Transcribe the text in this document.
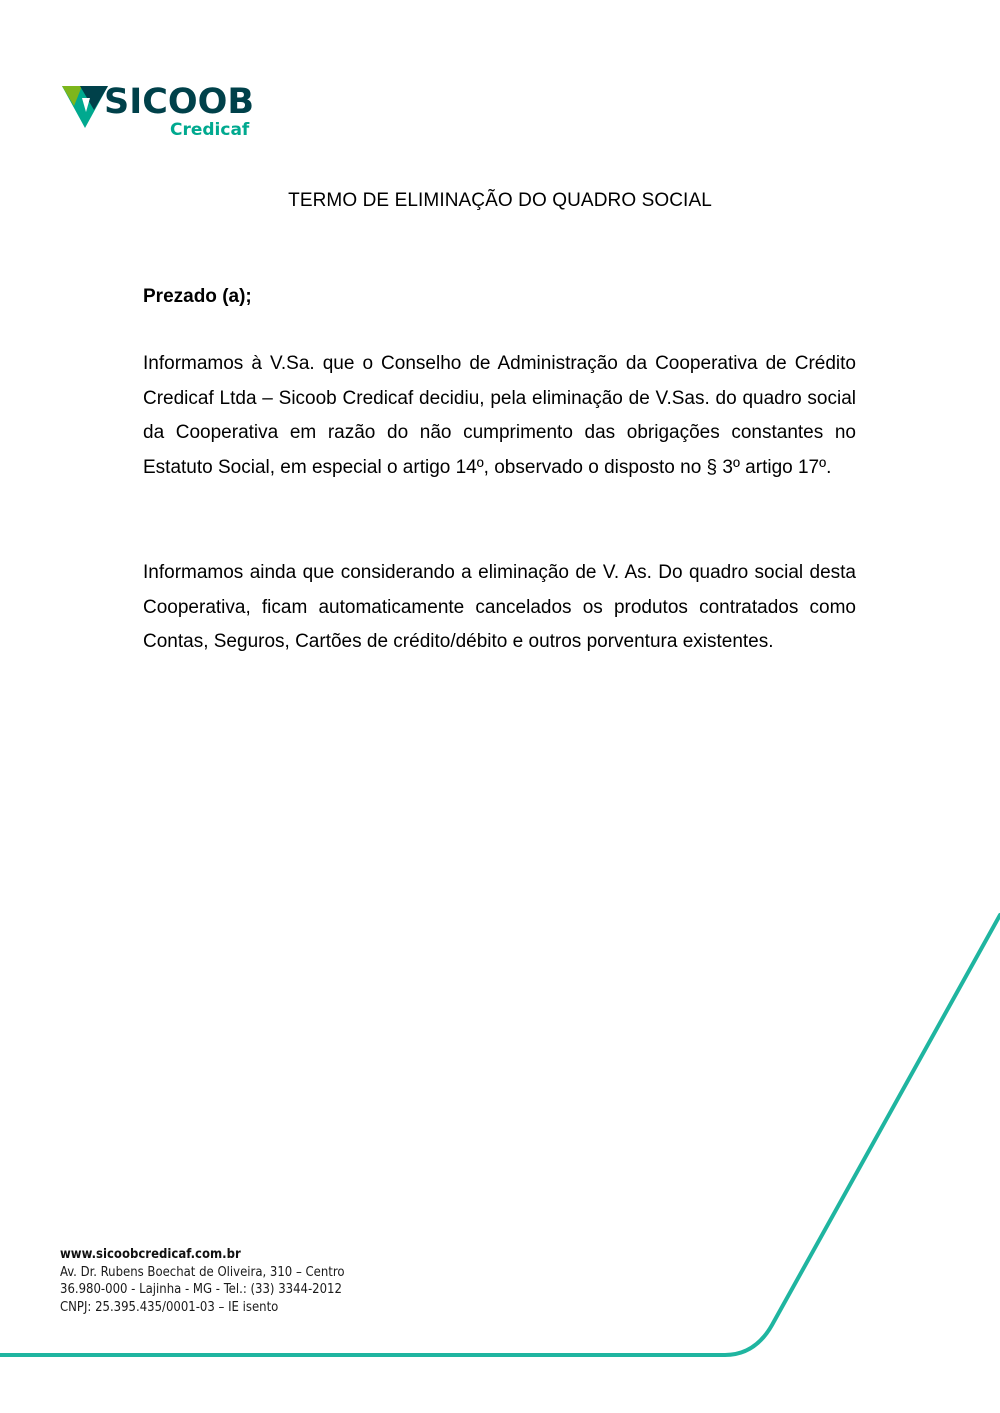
SICOOB
Credicaf
TERMO DE ELIMINAÇÃO DO QUADRO SOCIAL
Prezado (a);

Informamos à V.Sa. que o Conselho de Administração da Cooperativa de Crédito Credicaf Ltda – Sicoob Credicaf decidiu, pela eliminação de V.Sas. do quadro social da Cooperativa em razão do não cumprimento das obrigações constantes no Estatuto Social, em especial o artigo 14º, observado o disposto no § 3º artigo 17º.

Informamos ainda que considerando a eliminação de V. As. Do quadro social desta Cooperativa, ficam automaticamente cancelados os produtos contratados como Contas, Seguros, Cartões de crédito/débito e outros porventura existentes.

www.sicoobcredicaf.com.br
Av. Dr. Rubens Boechat de Oliveira, 310 – Centro
36.980-000 - Lajinha - MG - Tel.: (33) 3344-2012
CNPJ: 25.395.435/0001-03 – IE isento
